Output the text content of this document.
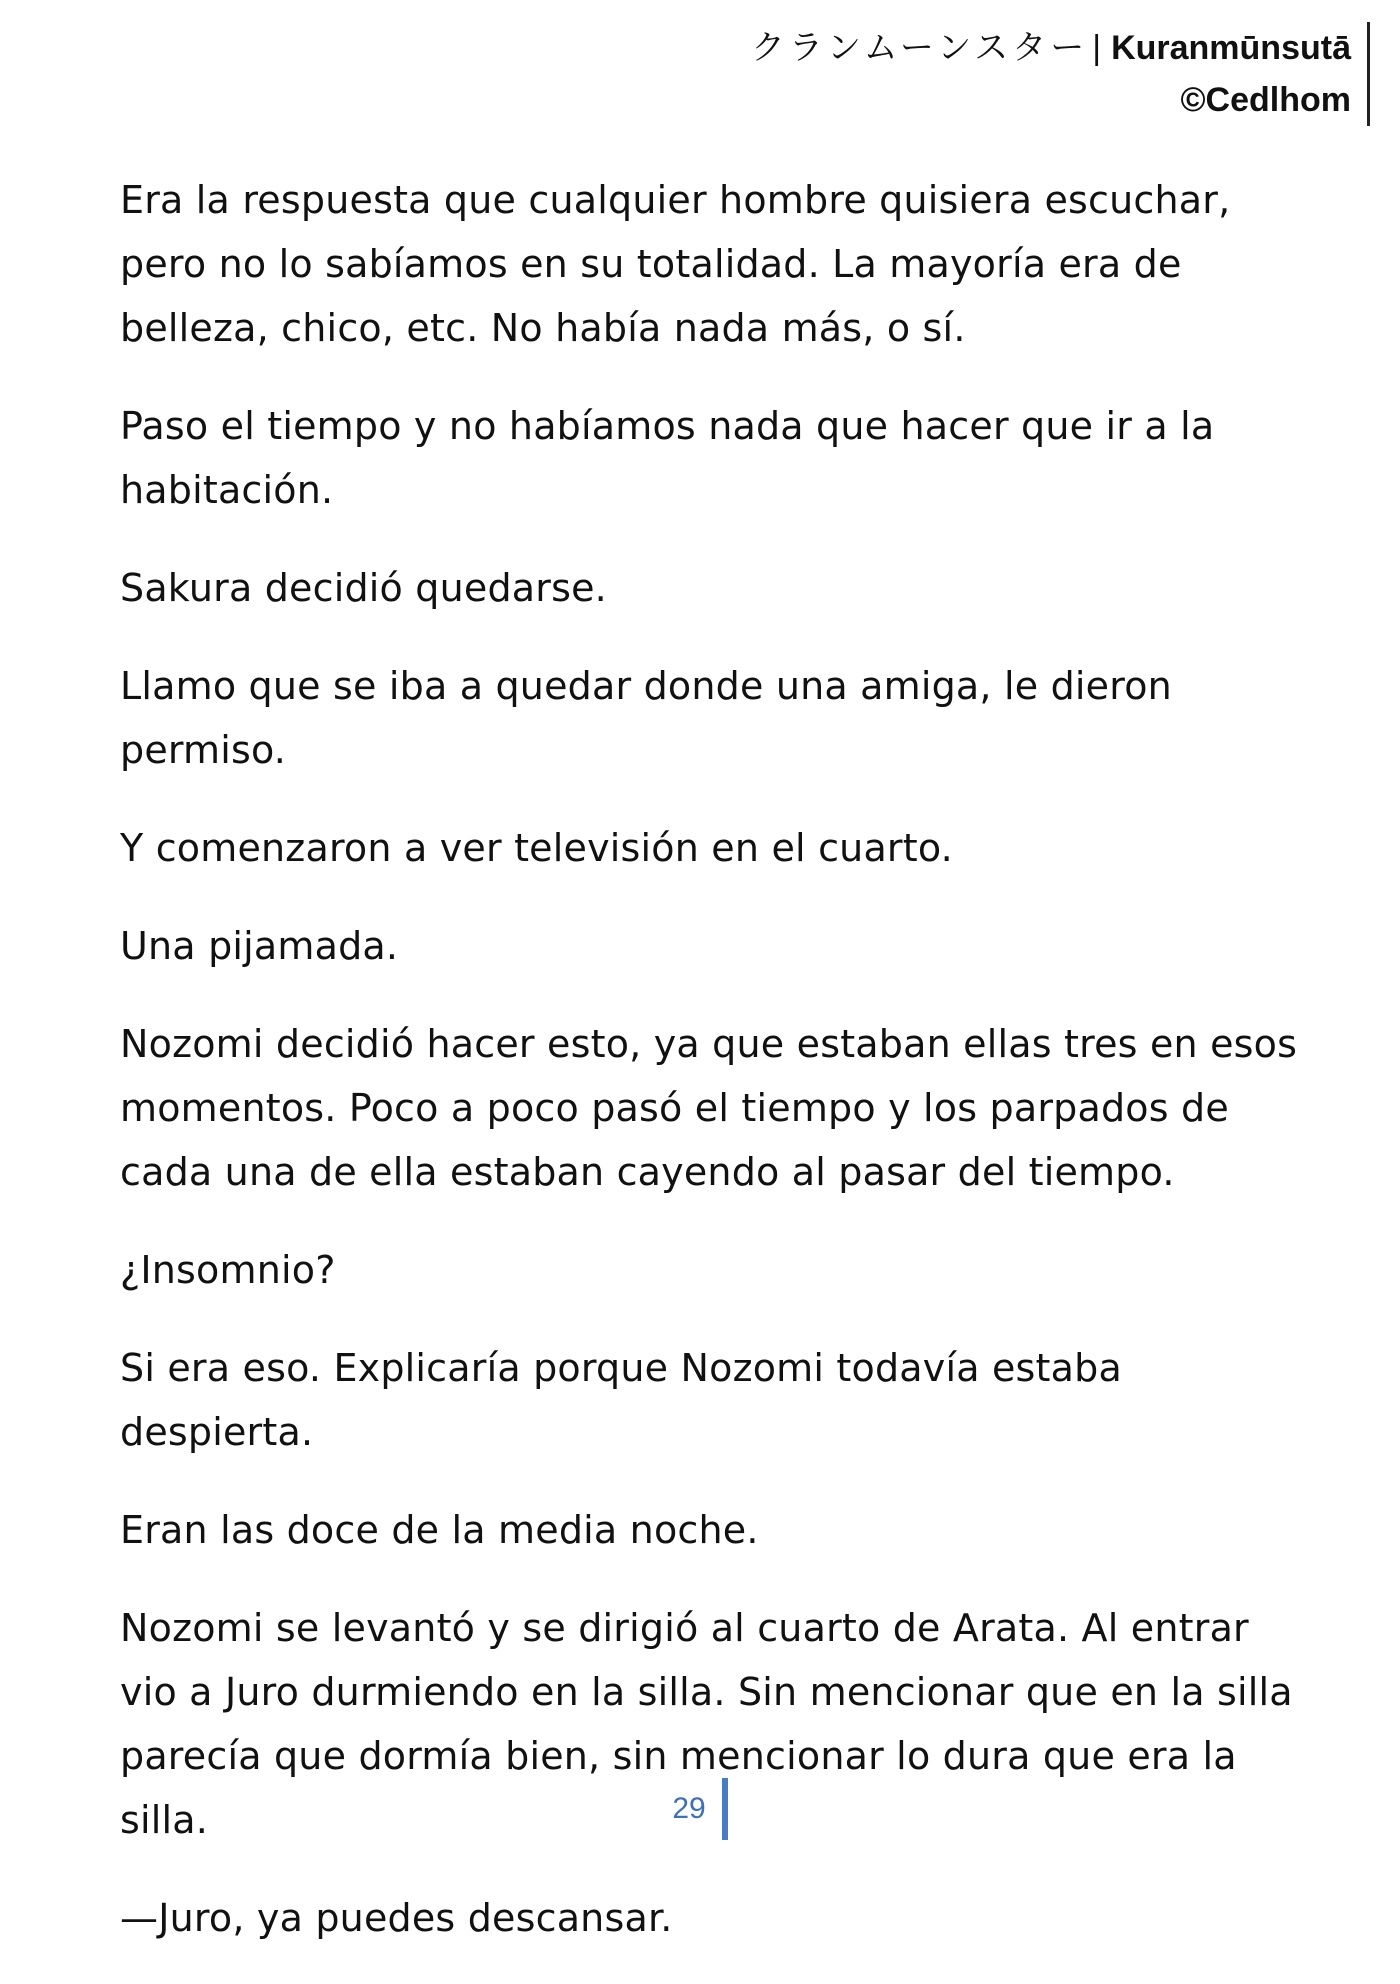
クランムーンスター | Kuranmūnsutā
©Cedlhom

Era la respuesta que cualquier hombre quisiera escuchar, pero no lo sabíamos en su totalidad. La mayoría era de belleza, chico, etc. No había nada más, o sí.

Paso el tiempo y no habíamos nada que hacer que ir a la habitación.

Sakura decidió quedarse.

Llamo que se iba a quedar donde una amiga, le dieron permiso.

Y comenzaron a ver televisión en el cuarto.

Una pijamada.

Nozomi decidió hacer esto, ya que estaban ellas tres en esos momentos. Poco a poco pasó el tiempo y los parpados de cada una de ella estaban cayendo al pasar del tiempo.

¿Insomnio?

Si era eso. Explicaría porque Nozomi todavía estaba despierta.

Eran las doce de la media noche.

Nozomi se levantó y se dirigió al cuarto de Arata. Al entrar vio a Juro durmiendo en la silla. Sin mencionar que en la silla parecía que dormía bien, sin mencionar lo dura que era la silla.

—Juro, ya puedes descansar.

29
